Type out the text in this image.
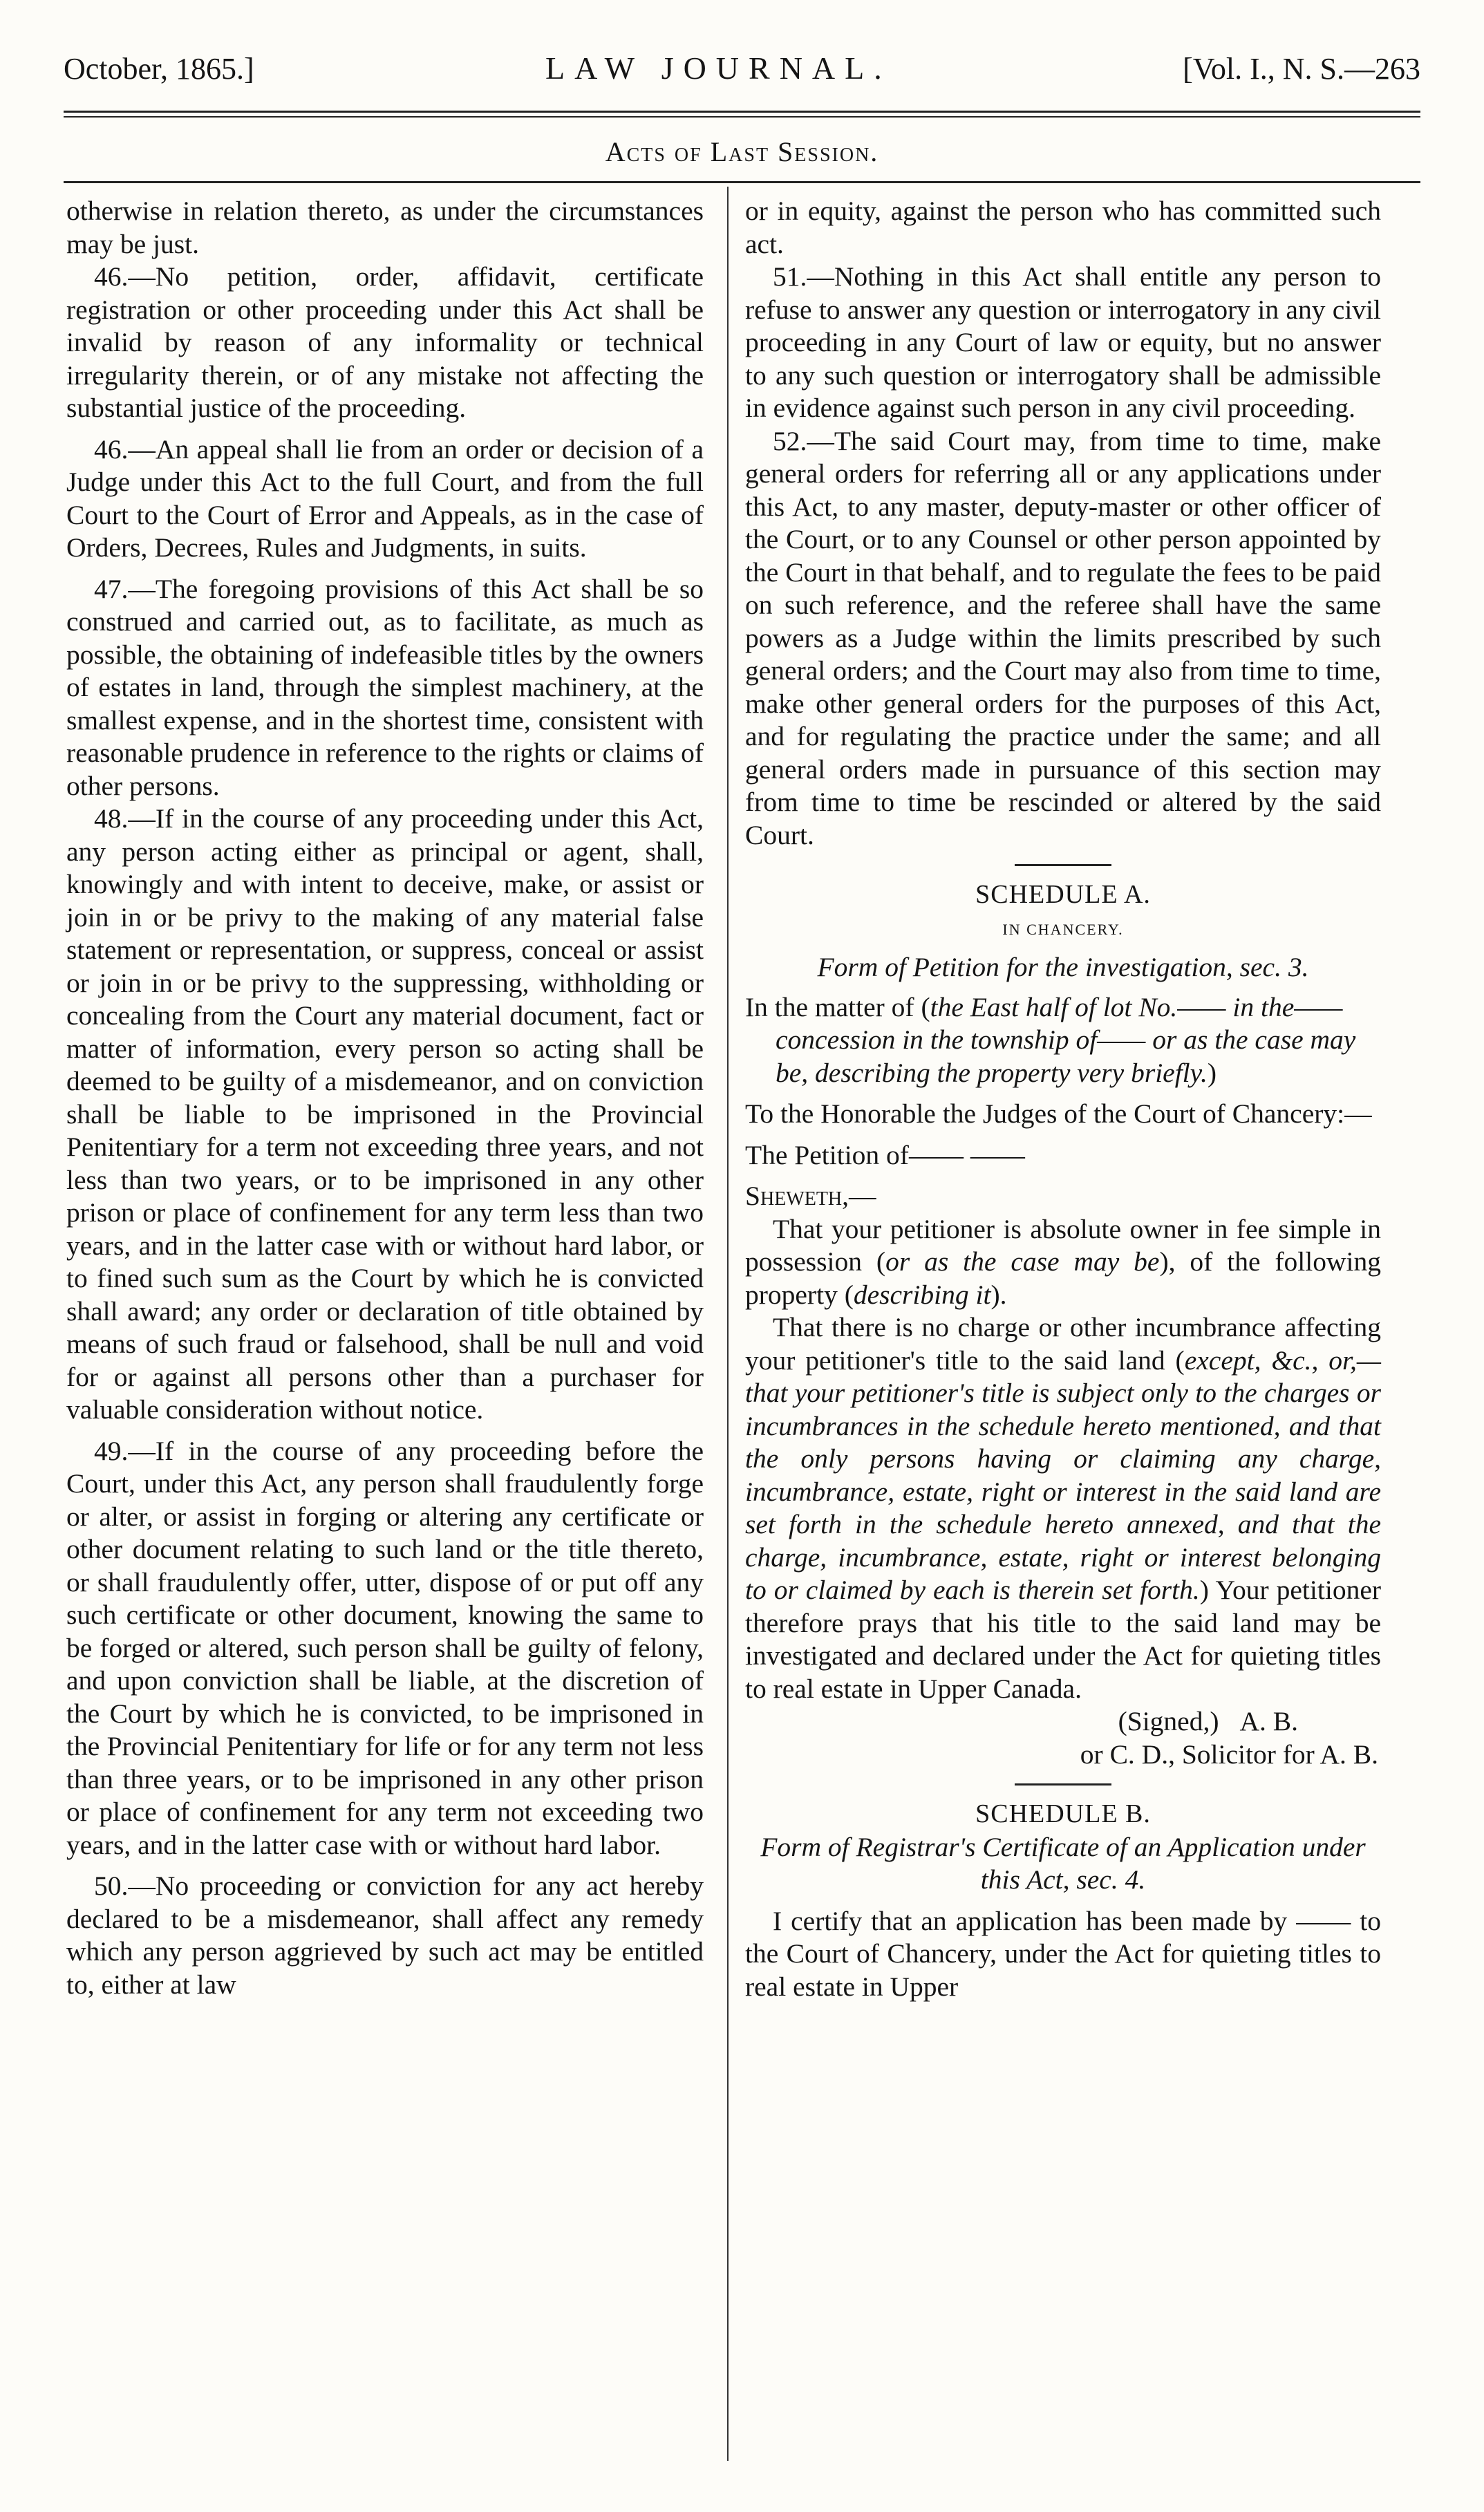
October, 1865.]	LAW JOURNAL.	[Vol. I., N. S.—263
Acts of Last Session.

otherwise in relation thereto, as under the circumstances may be just.

46.—No petition, order, affidavit, certificate registration or other proceeding under this Act shall be invalid by reason of any informality or technical irregularity therein, or of any mistake not affecting the substantial justice of the proceeding.

46.—An appeal shall lie from an order or decision of a Judge under this Act to the full Court, and from the full Court to the Court of Error and Appeals, as in the case of Orders, Decrees, Rules and Judgments, in suits.

47.—The foregoing provisions of this Act shall be so construed and carried out, as to facilitate, as much as possible, the obtaining of indefeasible titles by the owners of estates in land, through the simplest machinery, at the smallest expense, and in the shortest time, consistent with reasonable prudence in reference to the rights or claims of other persons.

48.—If in the course of any proceeding under this Act, any person acting either as principal or agent, shall, knowingly and with intent to deceive, make, or assist or join in or be privy to the making of any material false statement or representation, or suppress, conceal or assist or join in or be privy to the suppressing, withholding or concealing from the Court any material document, fact or matter of information, every person so acting shall be deemed to be guilty of a misdemeanor, and on conviction shall be liable to be imprisoned in the Provincial Penitentiary for a term not exceeding three years, and not less than two years, or to be imprisoned in any other prison or place of confinement for any term less than two years, and in the latter case with or without hard labor, or to fined such sum as the Court by which he is convicted shall award; any order or declaration of title obtained by means of such fraud or falsehood, shall be null and void for or against all persons other than a purchaser for valuable consideration without notice.

49.—If in the course of any proceeding before the Court, under this Act, any person shall fraudulently forge or alter, or assist in forging or altering any certificate or other document relating to such land or the title thereto, or shall fraudulently offer, utter, dispose of or put off any such certificate or other document, knowing the same to be forged or altered, such person shall be guilty of felony, and upon conviction shall be liable, at the discretion of the Court by which he is convicted, to be imprisoned in the Provincial Penitentiary for life or for any term not less than three years, or to be imprisoned in any other prison or place of confinement for any term not exceeding two years, and in the latter case with or without hard labor.

50.—No proceeding or conviction for any act hereby declared to be a misdemeanor, shall affect any remedy which any person aggrieved by such act may be entitled to, either at law

or in equity, against the person who has committed such act.

51.—Nothing in this Act shall entitle any person to refuse to answer any question or interrogatory in any civil proceeding in any Court of law or equity, but no answer to any such question or interrogatory shall be admissible in evidence against such person in any civil proceeding.

52.—The said Court may, from time to time, make general orders for referring all or any applications under this Act, to any master, deputy-master or other officer of the Court, or to any Counsel or other person appointed by the Court in that behalf, and to regulate the fees to be paid on such reference, and the referee shall have the same powers as a Judge within the limits prescribed by such general orders; and the Court may also from time to time, make other general orders for the purposes of this Act, and for regulating the practice under the same; and all general orders made in pursuance of this section may from time to time be rescinded or altered by the said Court.

SCHEDULE A.
IN CHANCERY.
Form of Petition for the investigation, sec. 3.

In the matter of (the East half of lot No.—— in the—— concession in the township of—— or as the case may be, describing the property very briefly.)

To the Honorable the Judges of the Court of Chancery:—

The Petition of—— ——

Sheweth,—

That your petitioner is absolute owner in fee simple in possession (or as the case may be), of the following property (describing it).

That there is no charge or other incumbrance affecting your petitioner's title to the said land (except, &c., or,—that your petitioner's title is subject only to the charges or incumbrances in the schedule hereto mentioned, and that the only persons having or claiming any charge, incumbrance, estate, right or interest in the said land are set forth in the schedule hereto annexed, and that the charge, incumbrance, estate, right or interest belonging to or claimed by each is therein set forth.) Your petitioner therefore prays that his title to the said land may be investigated and declared under the Act for quieting titles to real estate in Upper Canada.

(Signed,) A. B.
or C. D., Solicitor for A. B.
SCHEDULE B.
Form of Registrar's Certificate of an Application under this Act, sec. 4.

I certify that an application has been made by —— to the Court of Chancery, under the Act for quieting titles to real estate in Upper
